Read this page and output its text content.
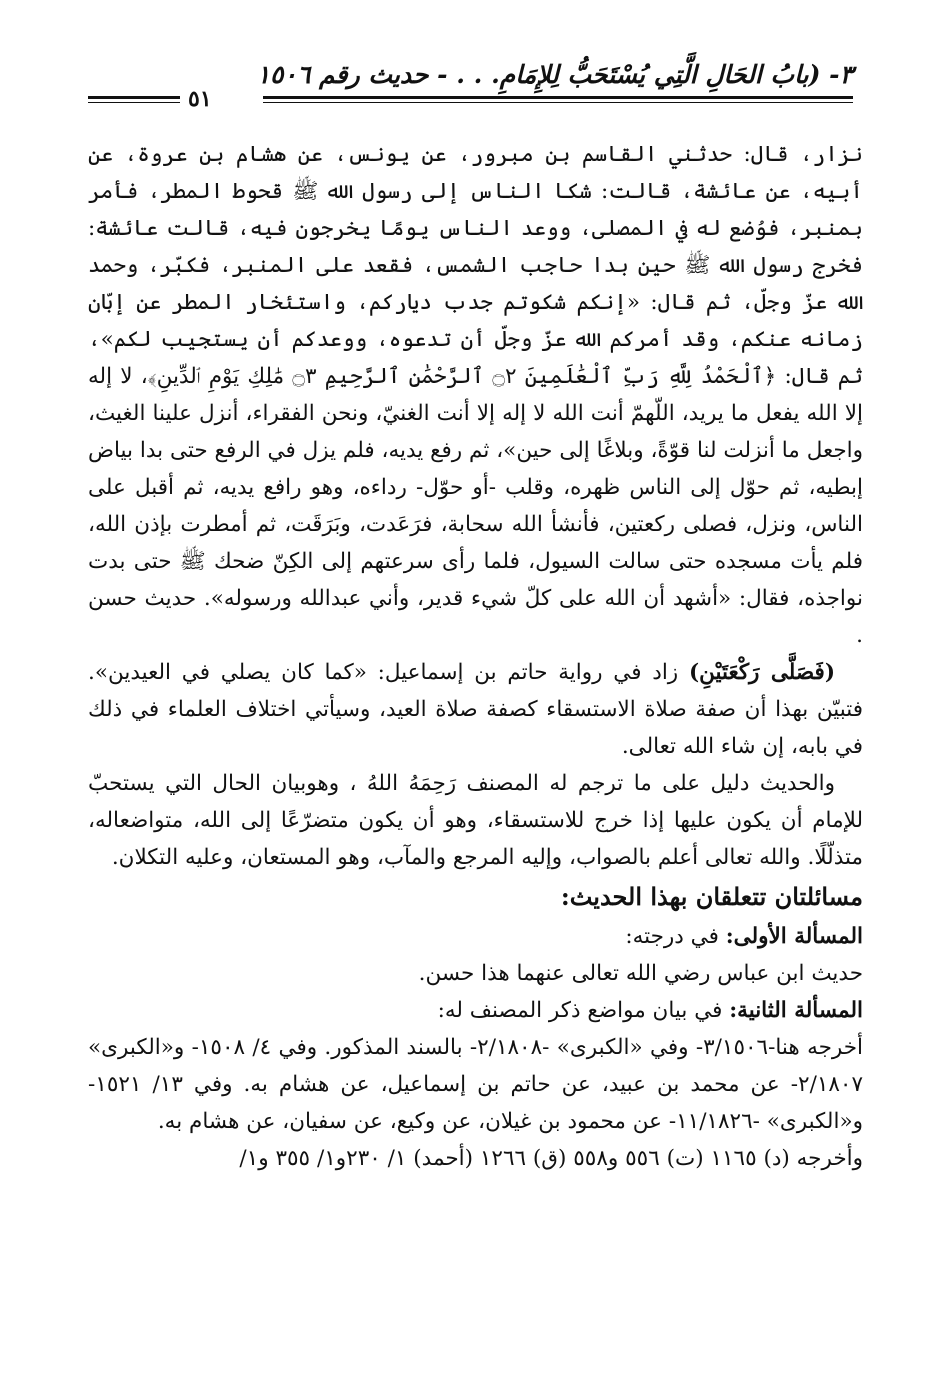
٣- (بابُ الحَالِ الَّتِي يُسْتَحَبُّ لِلإِمَامِ. . . - حديث رقم ١٥٠٦
٥١

نزار، قال: حدثني القاسم بن مبرور، عن يونس، عن هشام بن عروة، عن أبيه، عن عائشة، قالت: شكا الناس إلى رسول الله ﷺ قحوط المطر، فأمر بمنبر، فوُضع له في المصلى، ووعد الناس يومًا يخرجون فيه، قالت عائشة: فخرج رسول الله ﷺ حين بدا حاجب الشمس، فقعد على المنبر، فكبّر، وحمد الله عزّ وجلّ، ثم قال: «إنكم شكوتم جدب دياركم، واستئخار المطر عن إبّان زمانه عنكم، وقد أمركم الله عزّ وجلّ أن تدعوه، ووعدكم أن يستجيب لكم»، ثم قال: ﴿ٱلْحَمْدُ لِلَّهِ رَبِّ ٱلْعَٰلَمِينَ ۝٢ ٱلرَّحْمَٰنِ ٱلرَّحِيمِ ۝٣ مَٰلِكِ يَوْمِ ٱلدِّينِ﴾، لا إله إلا الله يفعل ما يريد، اللّهمّ أنت الله لا إله إلا أنت الغنيّ، ونحن الفقراء، أنزل علينا الغيث، واجعل ما أنزلت لنا قوّةً، وبلاغًا إلى حين»، ثم رفع يديه، فلم يزل في الرفع حتى بدا بياض إبطيه، ثم حوّل إلى الناس ظهره، وقلب -أو حوّل- رداءه، وهو رافع يديه، ثم أقبل على الناس، ونزل، فصلى ركعتين، فأنشأ الله سحابة، فرَعَدت، وبَرَقَت، ثم أمطرت بإذن الله، فلم يأت مسجده حتى سالت السيول، فلما رأى سرعتهم إلى الكِنّ ضحك ﷺ حتى بدت نواجذه، فقال: «أشهد أن الله على كلّ شيء قدير، وأني عبدالله ورسوله». حديث حسن .

(فَصَلَّى رَكْعَتَيْنِ) زاد في رواية حاتم بن إسماعيل: «كما كان يصلي في العيدين». فتبيّن بهذا أن صفة صلاة الاستسقاء كصفة صلاة العيد، وسيأتي اختلاف العلماء في ذلك في بابه، إن شاء الله تعالى.

والحديث دليل على ما ترجم له المصنف رَحِمَهُ اللهُ ، وهوبيان الحال التي يستحبّ للإمام أن يكون عليها إذا خرج للاستسقاء، وهو أن يكون متضرّعًا إلى الله، متواضعاله، متذلّلًا. والله تعالى أعلم بالصواب، وإليه المرجع والمآب، وهو المستعان، وعليه التكلان.

مسائلتان تتعلقان بهذا الحديث:

المسألة الأولى: في درجته:

حديث ابن عباس رضي الله تعالى عنهما هذا حسن.

المسألة الثانية: في بيان مواضع ذكر المصنف له:

أخرجه هنا-٣/١٥٠٦- وفي «الكبرى» -٢/١٨٠٨- بالسند المذكور. وفي ٤/ ١٥٠٨- و«الكبرى» ٢/١٨٠٧- عن محمد بن عبيد، عن حاتم بن إسماعيل، عن هشام به. وفي ١٣/ ١٥٢١- و«الكبرى» -١١/١٨٢٦- عن محمود بن غيلان، عن وكيع، عن سفيان، عن هشام به.

وأخرجه (د) ١١٦٥ (ت) ٥٥٦ و٥٥٨ (ق) ١٢٦٦ (أحمد) ١/ ٢٣٠و١/ ٣٥٥ و١/
